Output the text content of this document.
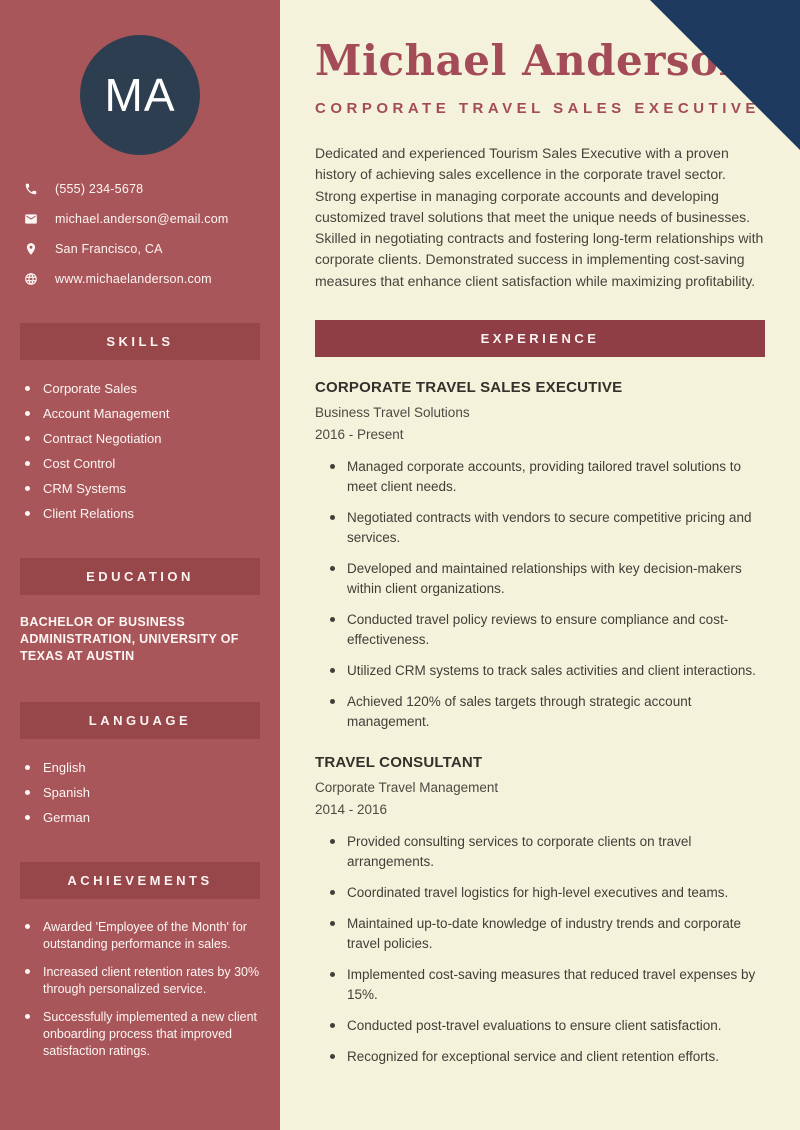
MA
(555) 234-5678
michael.anderson@email.com
San Francisco, CA
www.michaelanderson.com
SKILLS
Corporate Sales
Account Management
Contract Negotiation
Cost Control
CRM Systems
Client Relations
EDUCATION

BACHELOR OF BUSINESS ADMINISTRATION, UNIVERSITY OF TEXAS AT AUSTIN

LANGUAGE
English
Spanish
German
ACHIEVEMENTS
Awarded 'Employee of the Month' for outstanding performance in sales.
Increased client retention rates by 30% through personalized service.
Successfully implemented a new client onboarding process that improved satisfaction ratings.
Michael Anderson
CORPORATE TRAVEL SALES EXECUTIVE

Dedicated and experienced Tourism Sales Executive with a proven history of achieving sales excellence in the corporate travel sector. Strong expertise in managing corporate accounts and developing customized travel solutions that meet the unique needs of businesses. Skilled in negotiating contracts and fostering long-term relationships with corporate clients. Demonstrated success in implementing cost-saving measures that enhance client satisfaction while maximizing profitability.

EXPERIENCE
CORPORATE TRAVEL SALES EXECUTIVE
Business Travel Solutions
2016 - Present
Managed corporate accounts, providing tailored travel solutions to meet client needs.
Negotiated contracts with vendors to secure competitive pricing and services.
Developed and maintained relationships with key decision-makers within client organizations.
Conducted travel policy reviews to ensure compliance and cost-effectiveness.
Utilized CRM systems to track sales activities and client interactions.
Achieved 120% of sales targets through strategic account management.
TRAVEL CONSULTANT
Corporate Travel Management
2014 - 2016
Provided consulting services to corporate clients on travel arrangements.
Coordinated travel logistics for high-level executives and teams.
Maintained up-to-date knowledge of industry trends and corporate travel policies.
Implemented cost-saving measures that reduced travel expenses by 15%.
Conducted post-travel evaluations to ensure client satisfaction.
Recognized for exceptional service and client retention efforts.
